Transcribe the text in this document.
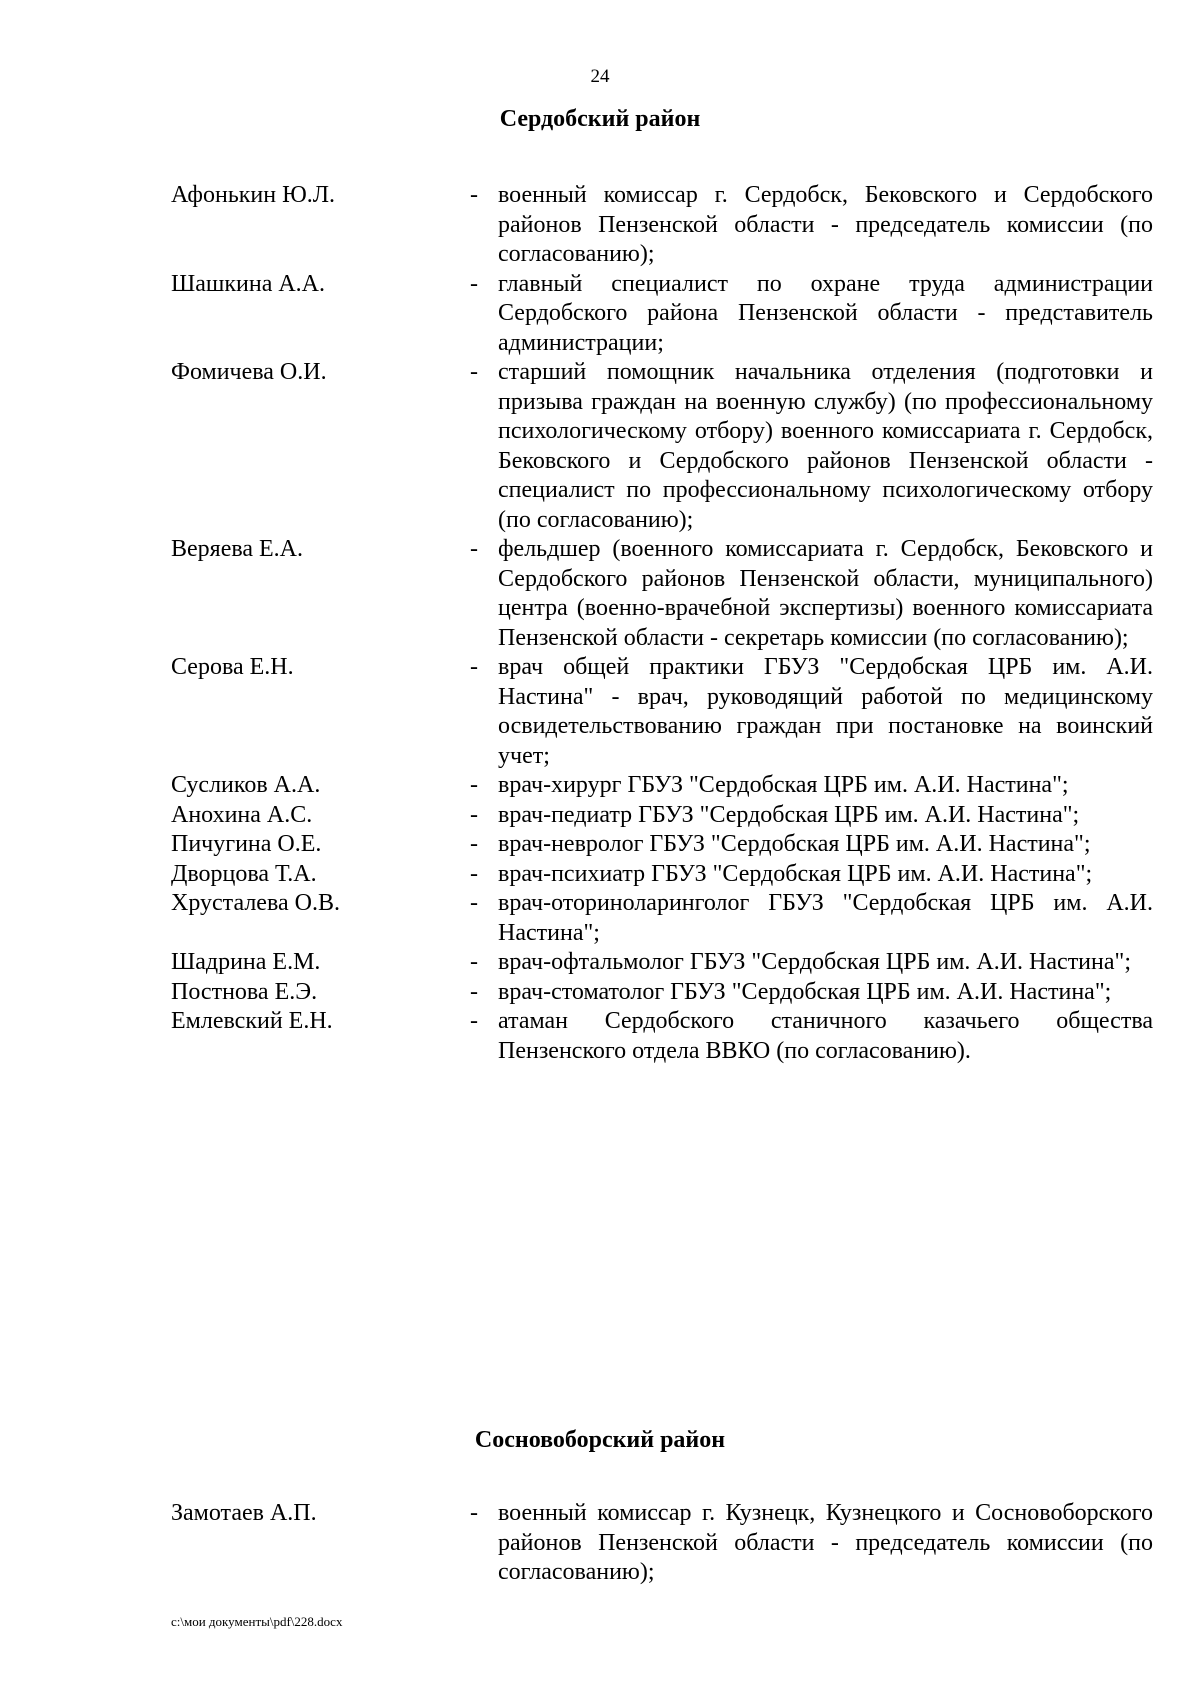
24
Сердобский район
Афонькин Ю.Л.	- военный комиссар г. Сердобск, Бековского и Сердобского районов Пензенской области - председатель комиссии (по согласованию);
Шашкина А.А.	- главный специалист по охране труда администрации Сердобского района Пензенской области - представитель администрации;
Фомичева О.И.	- старший помощник начальника отделения (подготовки и призыва граждан на военную службу) (по профессиональному психологическому отбору) военного комиссариата г. Сердобск, Бековского и Сердобского районов Пензенской области - специалист по профессиональному психологическому отбору (по согласованию);
Веряева Е.А.	- фельдшер (военного комиссариата г. Сердобск, Бековского и Сердобского районов Пензенской области, муниципального) центра (военно-врачебной экспертизы) военного комиссариата Пензенской области - секретарь комиссии (по согласованию);
Серова Е.Н.	- врач общей практики ГБУЗ "Сердобская ЦРБ им. А.И. Настина" - врач, руководящий работой по медицинскому освидетельствованию граждан при постановке на воинский учет;
Сусликов А.А.	- врач-хирург ГБУЗ "Сердобская ЦРБ им. А.И. Настина";
Анохина А.С.	- врач-педиатр ГБУЗ "Сердобская ЦРБ им. А.И. Настина";
Пичугина О.Е.	- врач-невролог ГБУЗ "Сердобская ЦРБ им. А.И. Настина";
Дворцова Т.А.	- врач-психиатр ГБУЗ "Сердобская ЦРБ им. А.И. Настина";
Хрусталева О.В.	- врач-оториноларинголог ГБУЗ "Сердобская ЦРБ им. А.И. Настина";
Шадрина Е.М.	- врач-офтальмолог ГБУЗ "Сердобская ЦРБ им. А.И. Настина";
Постнова Е.Э.	- врач-стоматолог ГБУЗ "Сердобская ЦРБ им. А.И. Настина";
Емлевский Е.Н.	- атаман Сердобского станичного казачьего общества Пензенского отдела ВВКО (по согласованию).
Сосновоборский район
Замотаев А.П.	- военный комиссар г. Кузнецк, Кузнецкого и Сосновоборского районов Пензенской области - председатель комиссии (по согласованию);
c:\мои документы\pdf\228.docx
